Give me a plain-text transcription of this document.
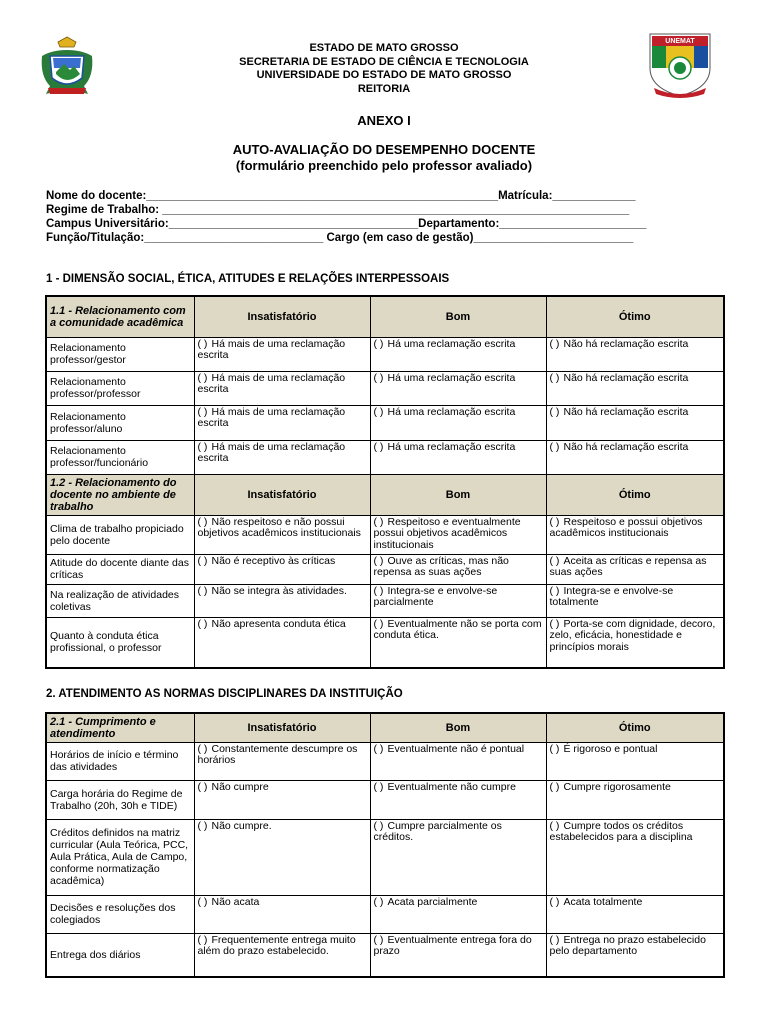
ESTADO DE MATO GROSSO
SECRETARIA DE ESTADO DE CIÊNCIA E TECNOLOGIA
UNIVERSIDADE DO ESTADO DE MATO GROSSO
REITORIA
UNEMAT
ANEXO I
AUTO-AVALIAÇÃO DO DESEMPENHO DOCENTE
(formulário preenchido pelo professor avaliado)
Nome do docente:_______________________________________________________Matrícula:_____________
Regime de Trabalho: _________________________________________________________________________
Campus Universitário:_______________________________________Departamento:_______________________
Função/Titulação:____________________________ Cargo (em caso de gestão)_________________________
1 - DIMENSÃO SOCIAL, ÉTICA, ATITUDES E RELAÇÕES INTERPESSOAIS
1.1 - Relacionamento com a comunidade acadêmica	Insatisfatório	Bom	Ótimo
Relacionamento professor/gestor	( ) Há mais de uma reclamação escrita	( ) Há uma reclamação escrita	( ) Não há reclamação escrita
Relacionamento professor/professor	( ) Há mais de uma reclamação escrita	( ) Há uma reclamação escrita	( ) Não há reclamação escrita
Relacionamento professor/aluno	( ) Há mais de uma reclamação escrita	( ) Há uma reclamação escrita	( ) Não há reclamação escrita
Relacionamento professor/funcionário	( ) Há mais de uma reclamação escrita	( ) Há uma reclamação escrita	( ) Não há reclamação escrita
1.2 - Relacionamento do docente no ambiente de trabalho	Insatisfatório	Bom	Ótimo
Clima de trabalho propiciado pelo docente	( ) Não respeitoso e não possui objetivos acadêmicos institucionais	( ) Respeitoso e eventualmente possui objetivos acadêmicos institucionais	( ) Respeitoso e possui objetivos acadêmicos institucionais
Atitude do docente diante das críticas	( ) Não é receptivo às críticas	( ) Ouve as críticas, mas não repensa as suas ações	( ) Aceita as críticas e repensa as suas ações
Na realização de atividades coletivas	( ) Não se integra às atividades.	( ) Integra-se e envolve-se parcialmente	( ) Integra-se e envolve-se totalmente
Quanto à conduta ética profissional, o professor	( ) Não apresenta conduta ética	( ) Eventualmente não se porta com conduta ética.	( ) Porta-se com dignidade, decoro, zelo, eficácia, honestidade e princípios morais
2. ATENDIMENTO AS NORMAS DISCIPLINARES DA INSTITUIÇÃO
2.1 - Cumprimento e atendimento	Insatisfatório	Bom	Ótimo
Horários de início e término das atividades	( ) Constantemente descumpre os horários	( ) Eventualmente não é pontual	( ) É rigoroso e pontual
Carga horária do Regime de Trabalho (20h, 30h e TIDE)	( ) Não cumpre	( ) Eventualmente não cumpre	( ) Cumpre rigorosamente
Créditos definidos na matriz curricular (Aula Teórica, PCC, Aula Prática, Aula de Campo, conforme normatização acadêmica)	( ) Não cumpre.	( ) Cumpre parcialmente os créditos.	( ) Cumpre todos os créditos estabelecidos para a disciplina
Decisões e resoluções dos colegiados	( ) Não acata	( ) Acata parcialmente	( ) Acata totalmente
Entrega dos diários	( ) Frequentemente entrega muito além do prazo estabelecido.	( ) Eventualmente entrega fora do prazo	( ) Entrega no prazo estabelecido pelo departamento
